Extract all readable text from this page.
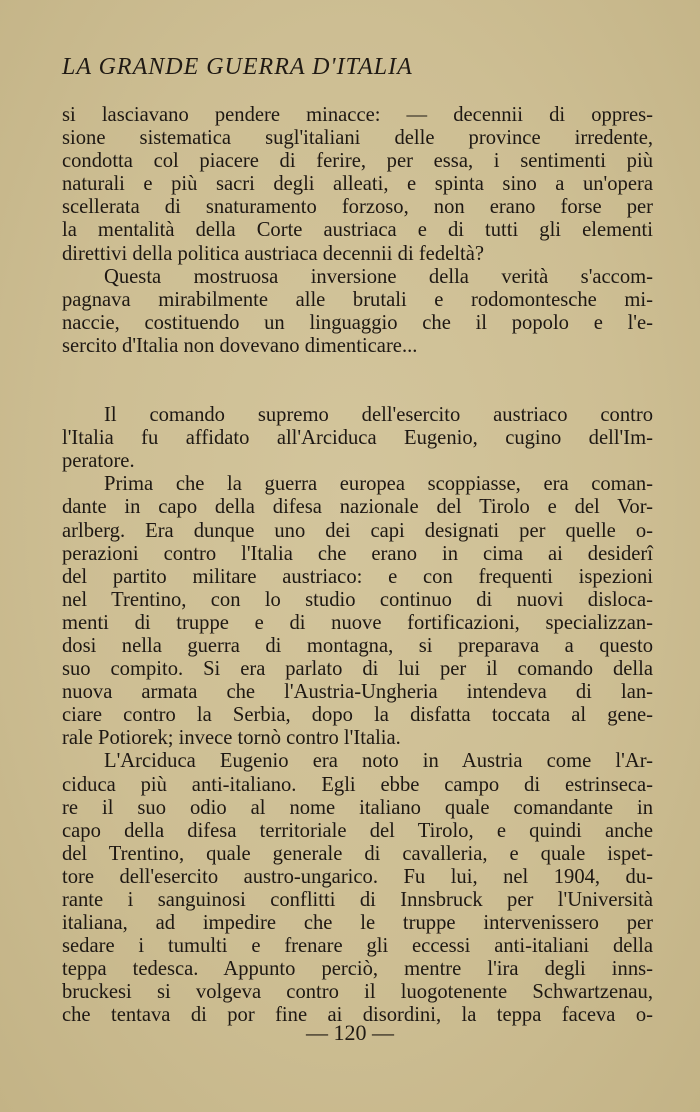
LA GRANDE GUERRA D'ITALIA
si lasciavano pendere minacce: — decennii di oppres-
sione sistematica sugl'italiani delle province irredente,
condotta col piacere di ferire, per essa, i sentimenti più
naturali e più sacri degli alleati, e spinta sino a un'opera
scellerata di snaturamento forzoso, non erano forse per
la mentalità della Corte austriaca e di tutti gli elementi
direttivi della politica austriaca decennii di fedeltà?
Questa mostruosa inversione della verità s'accom-
pagnava mirabilmente alle brutali e rodomontesche mi-
naccie, costituendo un linguaggio che il popolo e l'e-
sercito d'Italia non dovevano dimenticare...
Il comando supremo dell'esercito austriaco contro
l'Italia fu affidato all'Arciduca Eugenio, cugino dell'Im-
peratore.
Prima che la guerra europea scoppiasse, era coman-
dante in capo della difesa nazionale del Tirolo e del Vor-
arlberg. Era dunque uno dei capi designati per quelle o-
perazioni contro l'Italia che erano in cima ai desiderî
del partito militare austriaco: e con frequenti ispezioni
nel Trentino, con lo studio continuo di nuovi disloca-
menti di truppe e di nuove fortificazioni, specializzan-
dosi nella guerra di montagna, si preparava a questo
suo compito. Si era parlato di lui per il comando della
nuova armata che l'Austria-Ungheria intendeva di lan-
ciare contro la Serbia, dopo la disfatta toccata al gene-
rale Potiorek; invece tornò contro l'Italia.
L'Arciduca Eugenio era noto in Austria come l'Ar-
ciduca più anti-italiano. Egli ebbe campo di estrinseca-
re il suo odio al nome italiano quale comandante in
capo della difesa territoriale del Tirolo, e quindi anche
del Trentino, quale generale di cavalleria, e quale ispet-
tore dell'esercito austro-ungarico. Fu lui, nel 1904, du-
rante i sanguinosi conflitti di Innsbruck per l'Università
italiana, ad impedire che le truppe intervenissero per
sedare i tumulti e frenare gli eccessi anti-italiani della
teppa tedesca. Appunto perciò, mentre l'ira degli inns-
bruckesi si volgeva contro il luogotenente Schwartzenau,
che tentava di por fine ai disordini, la teppa faceva o-
— 120 —
